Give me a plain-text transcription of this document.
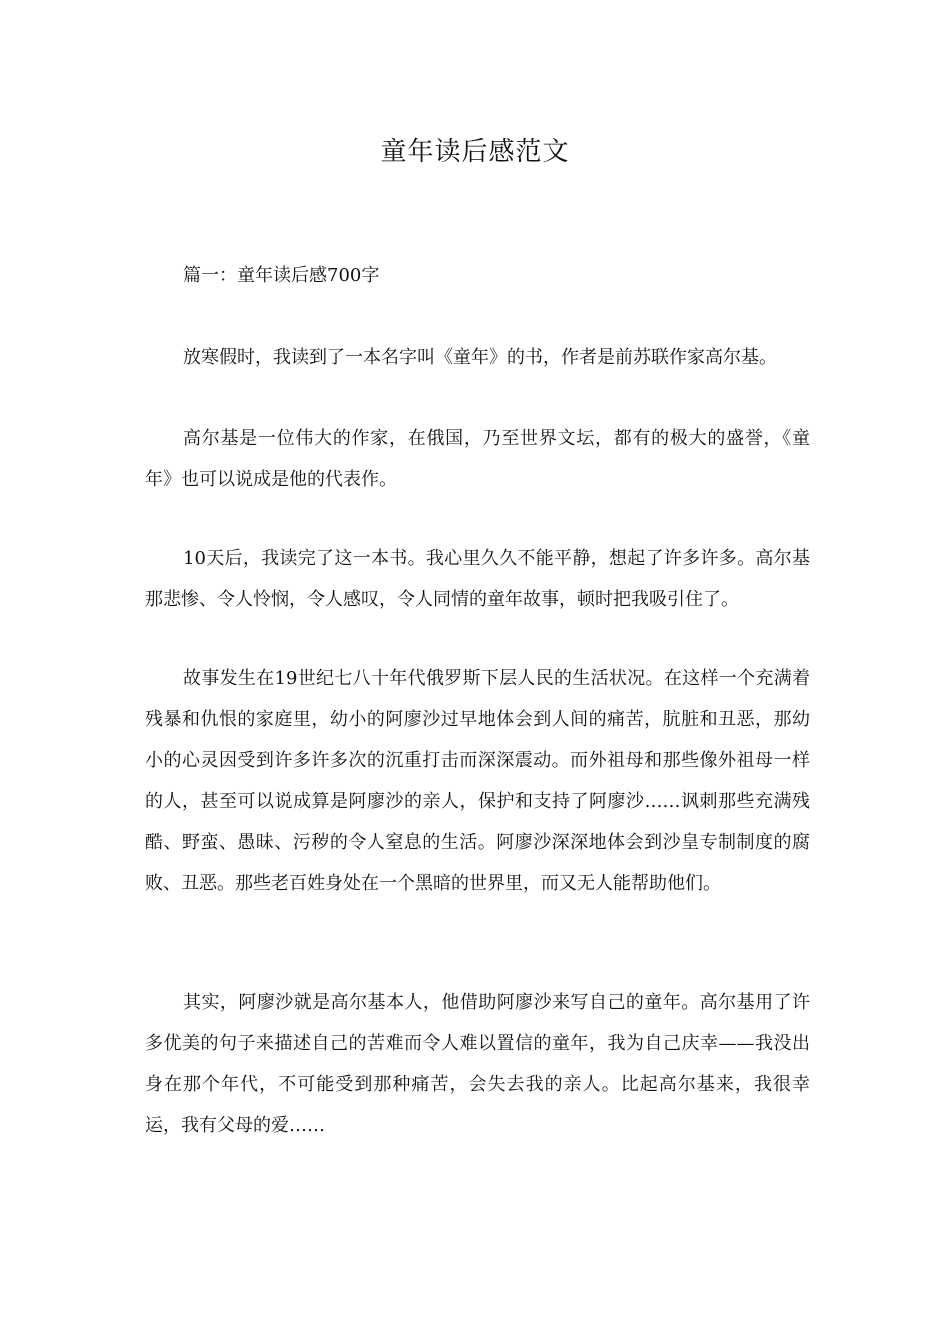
童年读后感范文

篇一：童年读后感700字

放寒假时，我读到了一本名字叫《童年》的书，作者是前苏联作家高尔基。

高尔基是一位伟大的作家，在俄国，乃至世界文坛，都有的极大的盛誉，《童年》也可以说成是他的代表作。

10天后，我读完了这一本书。我心里久久不能平静，想起了许多许多。高尔基那悲惨、令人怜悯，令人感叹，令人同情的童年故事，顿时把我吸引住了。

故事发生在19世纪七八十年代俄罗斯下层人民的生活状况。在这样一个充满着残暴和仇恨的家庭里，幼小的阿廖沙过早地体会到人间的痛苦，肮脏和丑恶，那幼小的心灵因受到许多许多次的沉重打击而深深震动。而外祖母和那些像外祖母一样的人，甚至可以说成算是阿廖沙的亲人，保护和支持了阿廖沙……讽刺那些充满残酷、野蛮、愚昧、污秽的令人窒息的生活。阿廖沙深深地体会到沙皇专制制度的腐败、丑恶。那些老百姓身处在一个黑暗的世界里，而又无人能帮助他们。

其实，阿廖沙就是高尔基本人，他借助阿廖沙来写自己的童年。高尔基用了许多优美的句子来描述自己的苦难而令人难以置信的童年，我为自己庆幸——我没出身在那个年代，不可能受到那种痛苦，会失去我的亲人。比起高尔基来，我很幸运，我有父母的爱……
